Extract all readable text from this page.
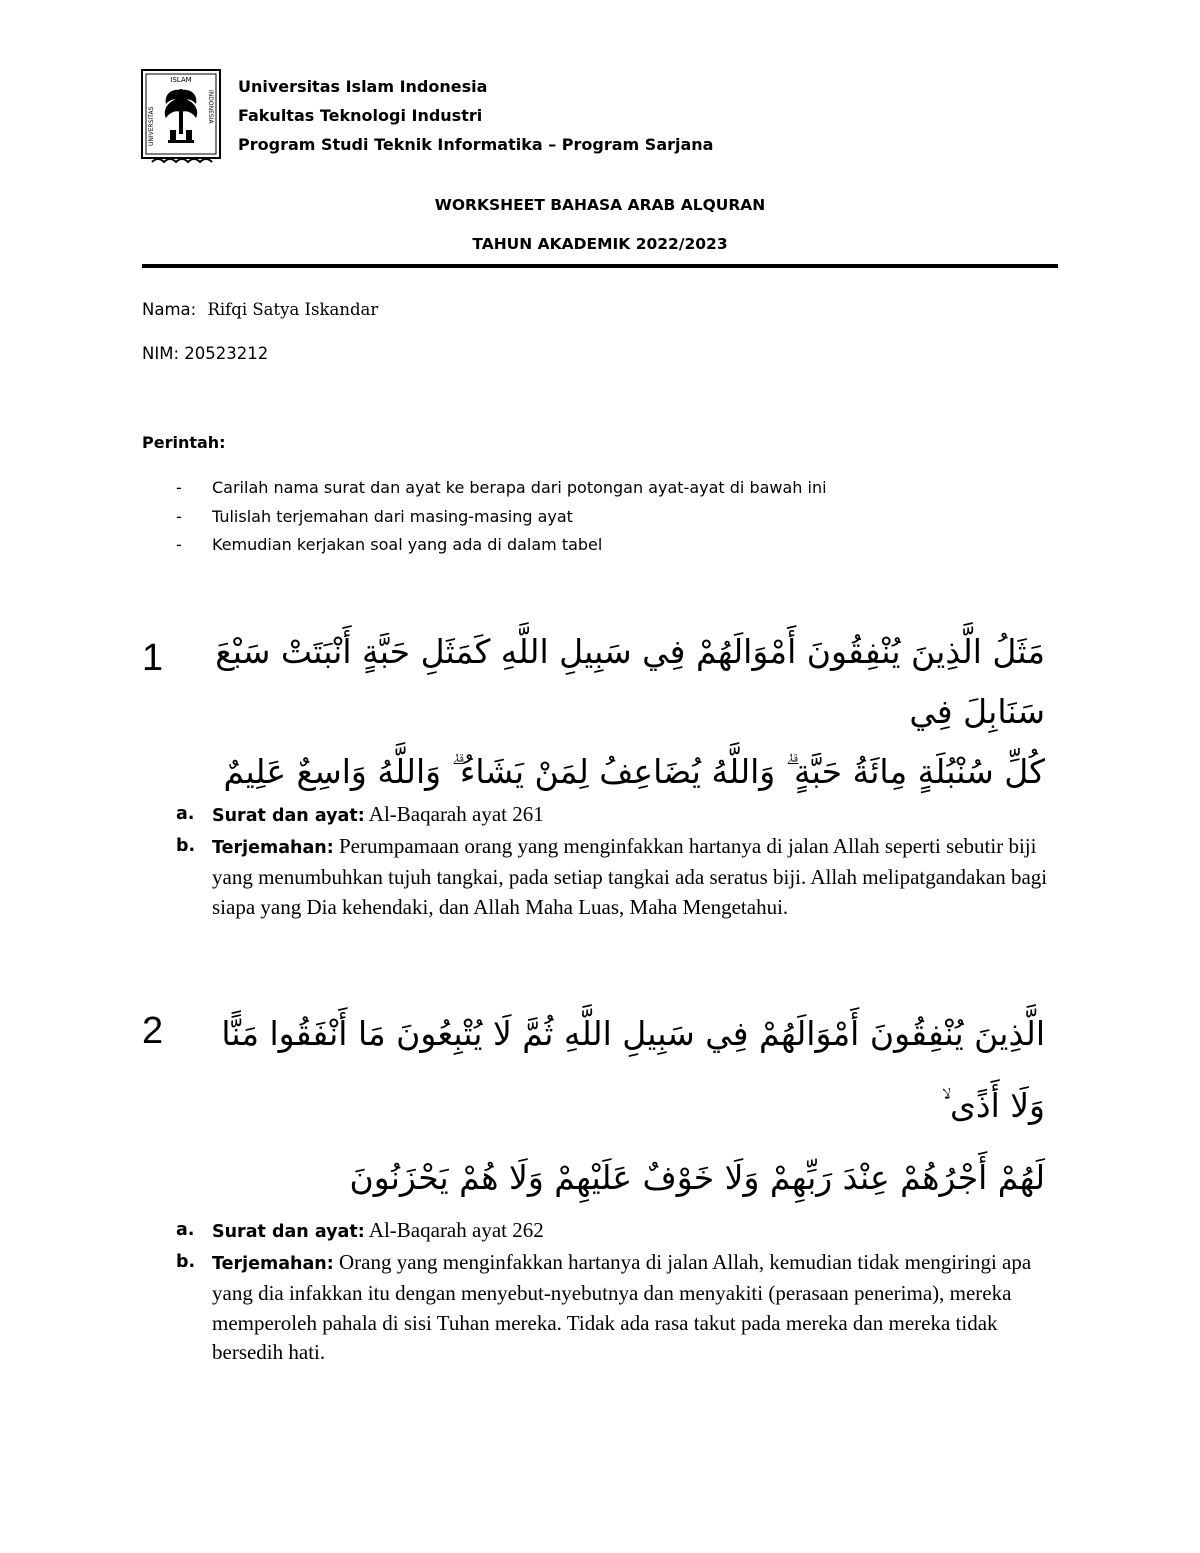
ISLAM
UNIVERSITAS	INDONESIA
Universitas Islam Indonesia
Fakultas Teknologi Industri
Program Studi Teknik Informatika – Program Sarjana
WORKSHEET BAHASA ARAB ALQURAN
TAHUN AKADEMIK 2022/2023
Nama: Rifqi Satya Iskandar
NIM: 20523212
Perintah:
- Carilah nama surat dan ayat ke berapa dari potongan ayat-ayat di bawah ini
- Tulislah terjemahan dari masing-masing ayat
- Kemudian kerjakan soal yang ada di dalam tabel
1	مَثَلُ الَّذِينَ يُنْفِقُونَ أَمْوَالَهُمْ فِي سَبِيلِ اللَّهِ كَمَثَلِ حَبَّةٍ أَنْبَتَتْ سَبْعَ سَنَابِلَ فِي
كُلِّ سُنْبُلَةٍ مِائَةُ حَبَّةٍ ۗ وَاللَّهُ يُضَاعِفُ لِمَنْ يَشَاءُ ۗ وَاللَّهُ وَاسِعٌ عَلِيمٌ
a. Surat dan ayat: Al-Baqarah ayat 261
b. Terjemahan: Perumpamaan orang yang menginfakkan hartanya di jalan Allah seperti sebutir biji yang menumbuhkan tujuh tangkai, pada setiap tangkai ada seratus biji. Allah melipatgandakan bagi siapa yang Dia kehendaki, dan Allah Maha Luas, Maha Mengetahui.
2	الَّذِينَ يُنْفِقُونَ أَمْوَالَهُمْ فِي سَبِيلِ اللَّهِ ثُمَّ لَا يُتْبِعُونَ مَا أَنْفَقُوا مَنًّا وَلَا أَذًى ۙ
لَهُمْ أَجْرُهُمْ عِنْدَ رَبِّهِمْ وَلَا خَوْفٌ عَلَيْهِمْ وَلَا هُمْ يَحْزَنُونَ
a. Surat dan ayat: Al-Baqarah ayat 262
b. Terjemahan: Orang yang menginfakkan hartanya di jalan Allah, kemudian tidak mengiringi apa yang dia infakkan itu dengan menyebut-nyebutnya dan menyakiti (perasaan penerima), mereka memperoleh pahala di sisi Tuhan mereka. Tidak ada rasa takut pada mereka dan mereka tidak bersedih hati.
